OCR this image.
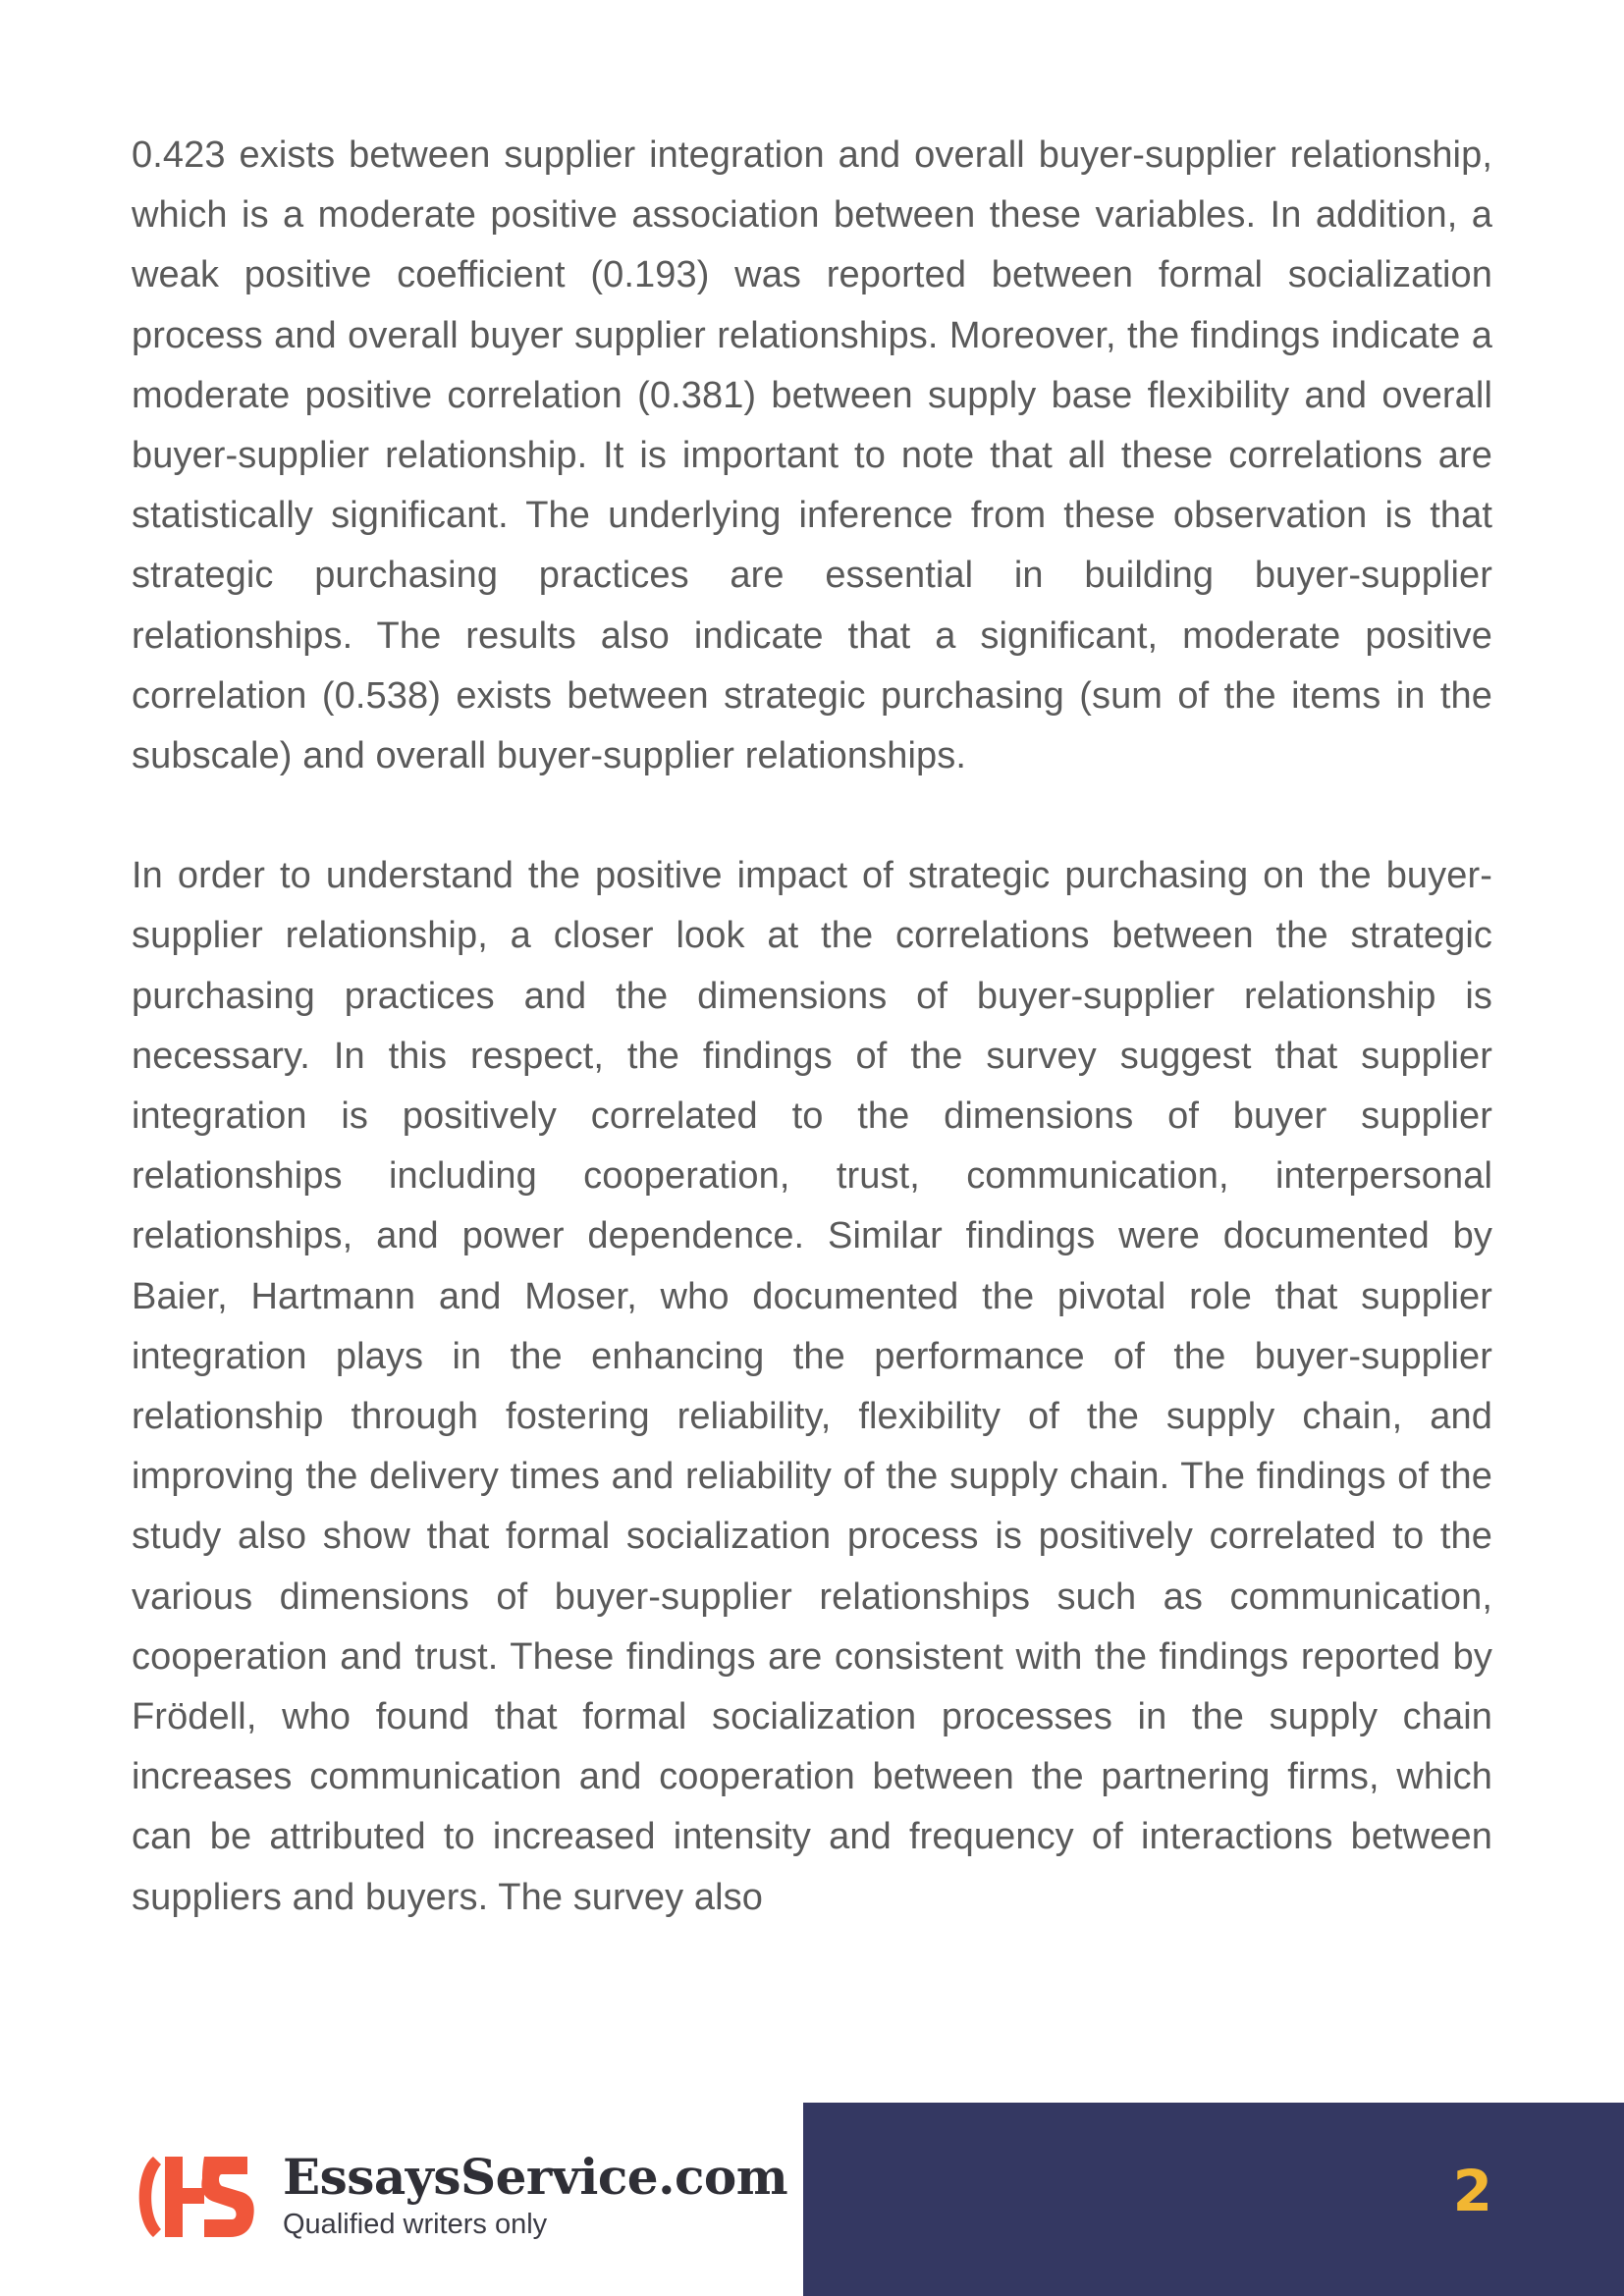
0.423 exists between supplier integration and overall buyer-supplier relationship, which is a moderate positive association between these variables. In addition, a weak positive coefficient (0.193) was reported between formal socialization process and overall buyer supplier relationships. Moreover, the findings indicate a moderate positive correlation (0.381) between supply base flexibility and overall buyer-supplier relationship. It is important to note that all these correlations are statistically significant. The underlying inference from these observation is that strategic purchasing practices are essential in building buyer-supplier relationships. The results also indicate that a significant, moderate positive correlation (0.538) exists between strategic purchasing (sum of the items in the subscale) and overall buyer-supplier relationships.

In order to understand the positive impact of strategic purchasing on the buyer-supplier relationship, a closer look at the correlations between the strategic purchasing practices and the dimensions of buyer-supplier relationship is necessary. In this respect, the findings of the survey suggest that supplier integration is positively correlated to the dimensions of buyer supplier relationships including cooperation, trust, communication, interpersonal relationships, and power dependence. Similar findings were documented by Baier, Hartmann and Moser, who documented the pivotal role that supplier integration plays in the enhancing the performance of the buyer-supplier relationship through fostering reliability, flexibility of the supply chain, and improving the delivery times and reliability of the supply chain. The findings of the study also show that formal socialization process is positively correlated to the various dimensions of buyer-supplier relationships such as communication, cooperation and trust. These findings are consistent with the findings reported by Frödell, who found that formal socialization processes in the supply chain increases communication and cooperation between the partnering firms, which can be attributed to increased intensity and frequency of interactions between suppliers and buyers. The survey also

EssaysService.com
Qualified writers only	2
